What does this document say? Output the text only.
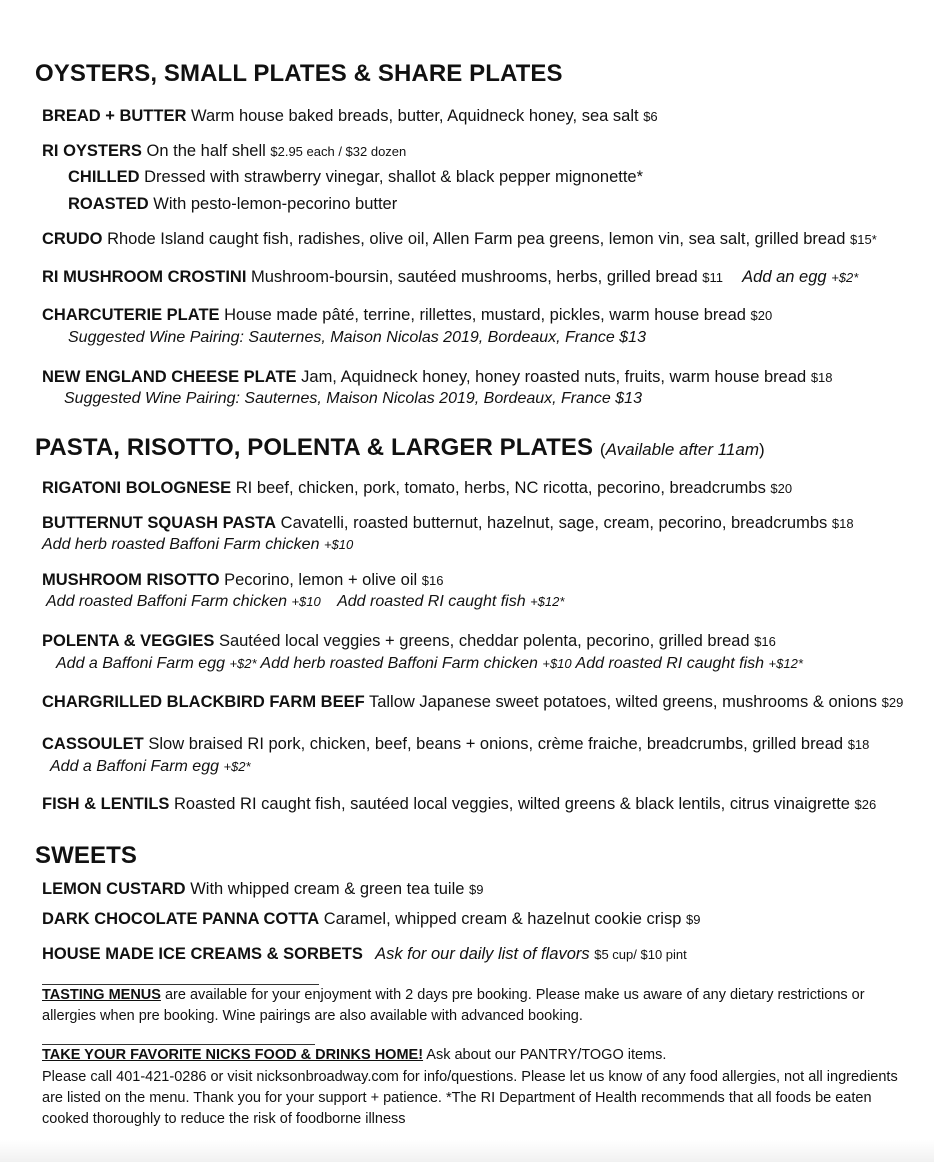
OYSTERS, SMALL PLATES & SHARE PLATES
BREAD + BUTTER Warm house baked breads, butter, Aquidneck honey, sea salt $6
RI OYSTERS On the half shell $2.95 each / $32 dozen
CHILLED Dressed with strawberry vinegar, shallot & black pepper mignonette*
ROASTED With pesto-lemon-pecorino butter
CRUDO Rhode Island caught fish, radishes, olive oil, Allen Farm pea greens, lemon vin, sea salt, grilled bread $15*
RI MUSHROOM CROSTINI Mushroom-boursin, sautéed mushrooms, herbs, grilled bread $11 Add an egg +$2*
CHARCUTERIE PLATE House made pâté, terrine, rillettes, mustard, pickles, warm house bread $20
Suggested Wine Pairing: Sauternes, Maison Nicolas 2019, Bordeaux, France $13
NEW ENGLAND CHEESE PLATE Jam, Aquidneck honey, honey roasted nuts, fruits, warm house bread $18
Suggested Wine Pairing: Sauternes, Maison Nicolas 2019, Bordeaux, France $13
PASTA, RISOTTO, POLENTA & LARGER PLATES (Available after 11am)
RIGATONI BOLOGNESE RI beef, chicken, pork, tomato, herbs, NC ricotta, pecorino, breadcrumbs $20
BUTTERNUT SQUASH PASTA Cavatelli, roasted butternut, hazelnut, sage, cream, pecorino, breadcrumbs $18
Add herb roasted Baffoni Farm chicken +$10
MUSHROOM RISOTTO Pecorino, lemon + olive oil $16
Add roasted Baffoni Farm chicken +$10 Add roasted RI caught fish +$12*
POLENTA & VEGGIES Sautéed local veggies + greens, cheddar polenta, pecorino, grilled bread $16
Add a Baffoni Farm egg +$2* Add herb roasted Baffoni Farm chicken +$10 Add roasted RI caught fish +$12*
CHARGRILLED BLACKBIRD FARM BEEF Tallow Japanese sweet potatoes, wilted greens, mushrooms & onions $29
CASSOULET Slow braised RI pork, chicken, beef, beans + onions, crème fraiche, breadcrumbs, grilled bread $18
Add a Baffoni Farm egg +$2*
FISH & LENTILS Roasted RI caught fish, sautéed local veggies, wilted greens & black lentils, citrus vinaigrette $26
SWEETS
LEMON CUSTARD With whipped cream & green tea tuile $9
DARK CHOCOLATE PANNA COTTA Caramel, whipped cream & hazelnut cookie crisp $9
HOUSE MADE ICE CREAMS & SORBETS Ask for our daily list of flavors $5 cup/ $10 pint
TASTING MENUS are available for your enjoyment with 2 days pre booking. Please make us aware of any dietary restrictions or allergies when pre booking. Wine pairings are also available with advanced booking.
TAKE YOUR FAVORITE NICKS FOOD & DRINKS HOME! Ask about our PANTRY/TOGO items.
Please call 401-421-0286 or visit nicksonbroadway.com for info/questions. Please let us know of any food allergies, not all ingredients are listed on the menu. Thank you for your support + patience. *The RI Department of Health recommends that all foods be eaten cooked thoroughly to reduce the risk of foodborne illness
